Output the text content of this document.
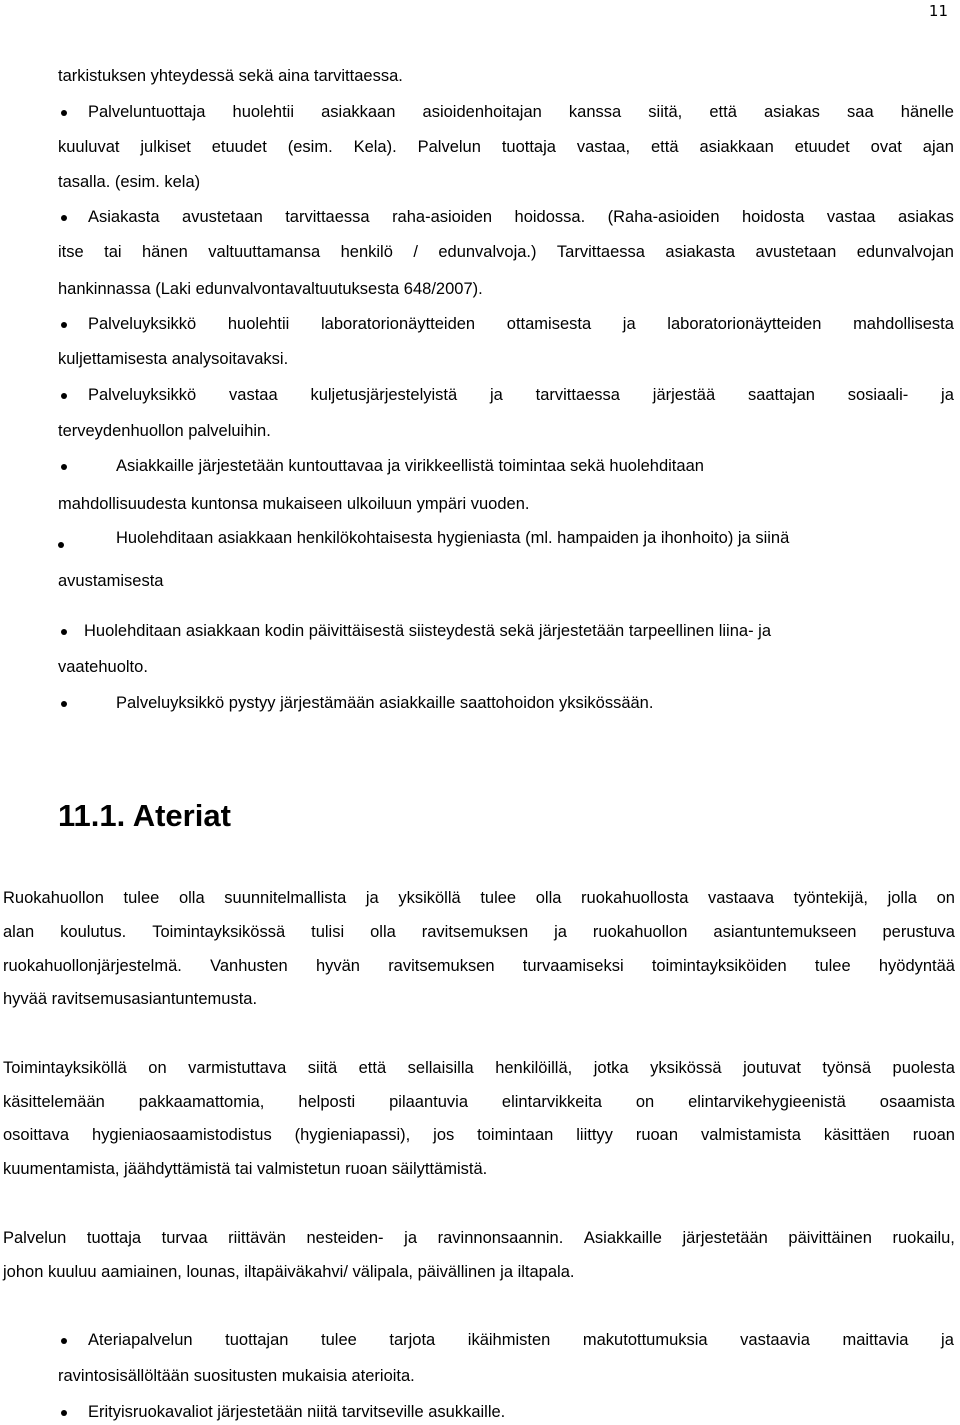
11
tarkistuksen yhteydessä sekä aina tarvittaessa.
Palveluntuottaja huolehtii asiakkaan asioidenhoitajan kanssa siitä, että asiakas saa hänelle
kuuluvat julkiset etuudet (esim. Kela). Palvelun tuottaja vastaa, että asiakkaan etuudet ovat ajan
tasalla. (esim. kela)
Asiakasta avustetaan tarvittaessa raha-asioiden hoidossa. (Raha-asioiden hoidosta vastaa asiakas
itse tai hänen valtuuttamansa henkilö / edunvalvoja.) Tarvittaessa asiakasta avustetaan edunvalvojan
hankinnassa (Laki edunvalvontavaltuutuksesta 648/2007).
Palveluyksikkö huolehtii laboratorionäytteiden ottamisesta ja laboratorionäytteiden mahdollisesta
kuljettamisesta analysoitavaksi.
Palveluyksikkö vastaa kuljetusjärjestelyistä ja tarvittaessa järjestää saattajan sosiaali- ja
terveydenhuollon palveluihin.
Asiakkaille järjestetään kuntouttavaa ja virikkeellistä toimintaa sekä huolehditaan
mahdollisuudesta kuntonsa mukaiseen ulkoiluun ympäri vuoden.
Huolehditaan asiakkaan henkilökohtaisesta hygieniasta (ml. hampaiden ja ihonhoito) ja siinä
avustamisesta
Huolehditaan asiakkaan kodin päivittäisestä siisteydestä sekä järjestetään tarpeellinen liina- ja
vaatehuolto.
Palveluyksikkö pystyy järjestämään asiakkaille saattohoidon yksikössään.
11.1. Ateriat
Ruokahuollon tulee olla suunnitelmallista ja yksiköllä tulee olla ruokahuollosta vastaava työntekijä, jolla on
alan koulutus. Toimintayksikössä tulisi olla ravitsemuksen ja ruokahuollon asiantuntemukseen perustuva
ruokahuollonjärjestelmä. Vanhusten hyvän ravitsemuksen turvaamiseksi toimintayksiköiden tulee hyödyntää
hyvää ravitsemusasiantuntemusta.
Toimintayksiköllä on varmistuttava siitä että sellaisilla henkilöillä, jotka yksikössä joutuvat työnsä puolesta
käsittelemään pakkaamattomia, helposti pilaantuvia elintarvikkeita on elintarvikehygieenistä osaamista
osoittava hygieniaosaamistodistus (hygieniapassi), jos toimintaan liittyy ruoan valmistamista käsittäen ruoan
kuumentamista, jäähdyttämistä tai valmistetun ruoan säilyttämistä.
Palvelun tuottaja turvaa riittävän nesteiden- ja ravinnonsaannin. Asiakkaille järjestetään päivittäinen ruokailu,
johon kuuluu aamiainen, lounas, iltapäiväkahvi/ välipala, päivällinen ja iltapala.
Ateriapalvelun tuottajan tulee tarjota ikäihmisten makutottumuksia vastaavia maittavia ja
ravintosisällöltään suositusten mukaisia aterioita.
Erityisruokavaliot järjestetään niitä tarvitseville asukkaille.
